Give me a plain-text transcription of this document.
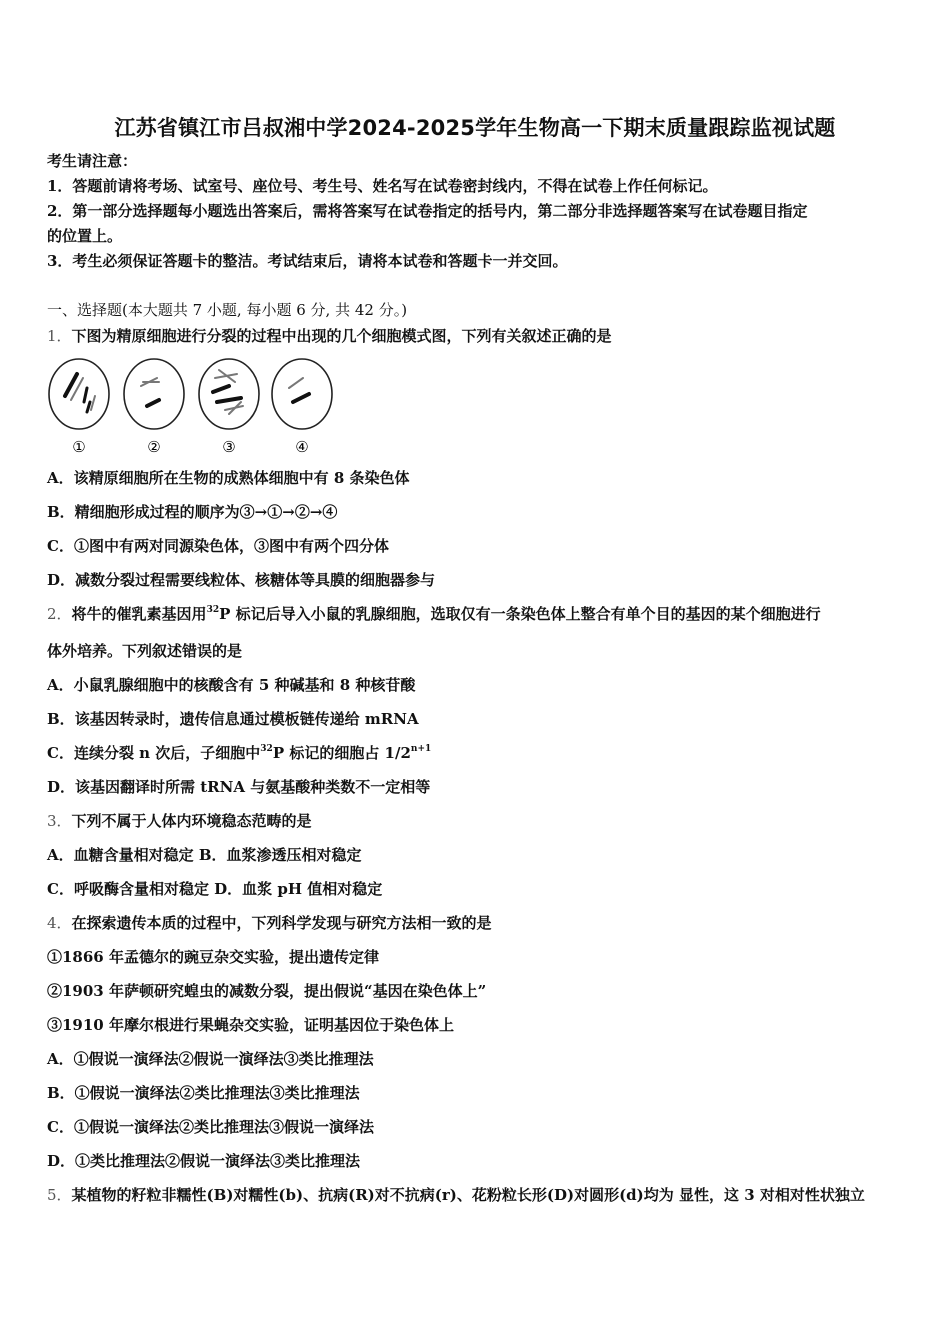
江苏省镇江市吕叔湘中学2024-2025学年生物高一下期末质量跟踪监视试题
考生请注意：
1．答题前请将考场、试室号、座位号、考生号、姓名写在试卷密封线内，不得在试卷上作任何标记。
2．第一部分选择题每小题选出答案后，需将答案写在试卷指定的括号内，第二部分非选择题答案写在试卷题目指定
的位置上。
3．考生必须保证答题卡的整洁。考试结束后，请将本试卷和答题卡一并交回。
一、选择题(本大题共 7 小题, 每小题 6 分, 共 42 分。)
1．下图为精原细胞进行分裂的过程中出现的几个细胞模式图，下列有关叙述正确的是
①	②	③	④
A．该精原细胞所在生物的成熟体细胞中有 8 条染色体
B．精细胞形成过程的顺序为③→①→②→④
C．①图中有两对同源染色体，③图中有两个四分体
D．减数分裂过程需要线粒体、核糖体等具膜的细胞器参与
2．将牛的催乳素基因用$^{32}$P 标记后导入小鼠的乳腺细胞，选取仅有一条染色体上整合有单个目的基因的某个细胞进行
体外培养。下列叙述错误的是
A．小鼠乳腺细胞中的核酸含有 5 种碱基和 8 种核苷酸
B．该基因转录时，遗传信息通过模板链传递给 mRNA
C．连续分裂 n 次后，子细胞中$^{32}$P 标记的细胞占 $1/2^{n+1}$
D．该基因翻译时所需 tRNA 与氨基酸种类数不一定相等
3．下列不属于人体内环境稳态范畴的是
A．血糖含量相对稳定 B．血浆渗透压相对稳定
C．呼吸酶含量相对稳定 D．血浆 pH 值相对稳定
4．在探索遗传本质的过程中，下列科学发现与研究方法相一致的是
①1866 年孟德尔的豌豆杂交实验，提出遗传定律
②1903 年萨顿研究蝗虫的减数分裂，提出假说“基因在染色体上”
③1910 年摩尔根进行果蝇杂交实验，证明基因位于染色体上
A．①假说一演绎法②假说一演绎法③类比推理法
B．①假说一演绎法②类比推理法③类比推理法
C．①假说一演绎法②类比推理法③假说一演绎法
D．①类比推理法②假说一演绎法③类比推理法
5．某植物的籽粒非糯性(B)对糯性(b)、抗病(R)对不抗病(r)、花粉粒长形(D)对圆形(d)均为 显性，这 3 对相对性状独立
